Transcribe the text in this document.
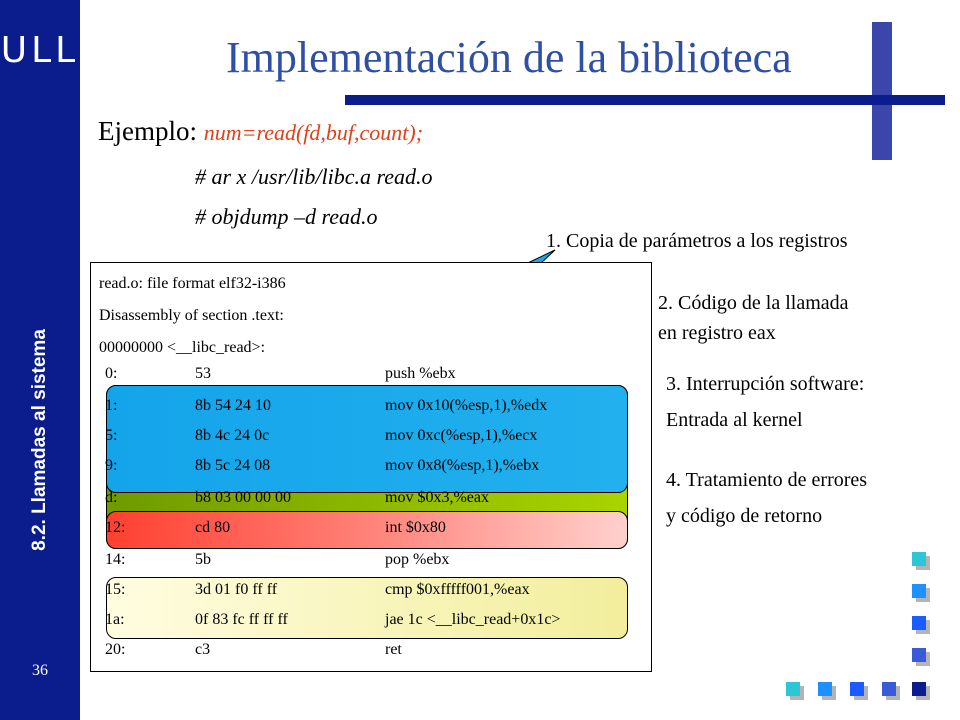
ULL
8.2. Llamadas al sistema
36
Implementación de la biblioteca
Ejemplo: num=read(fd,buf,count);
# ar x /usr/lib/libc.a read.o
# objdump –d read.o
read.o: file format elf32-i386
Disassembly of section .text:
00000000 <__libc_read>:
0:	53	push %ebx
1:	8b 54 24 10	mov 0x10(%esp,1),%edx
5:	8b 4c 24 0c	mov 0xc(%esp,1),%ecx
9:	8b 5c 24 08	mov 0x8(%esp,1),%ebx
d:	b8 03 00 00 00	mov $0x3,%eax
12:	cd 80	int $0x80
14:	5b	pop %ebx
15:	3d 01 f0 ff ff	cmp $0xfffff001,%eax
1a:	0f 83 fc ff ff ff	jae 1c <__libc_read+0x1c>
20:	c3	ret
1. Copia de parámetros a los registros
2. Código de la llamada
en registro eax
3. Interrupción software:
Entrada al kernel
4. Tratamiento de errores
y código de retorno
